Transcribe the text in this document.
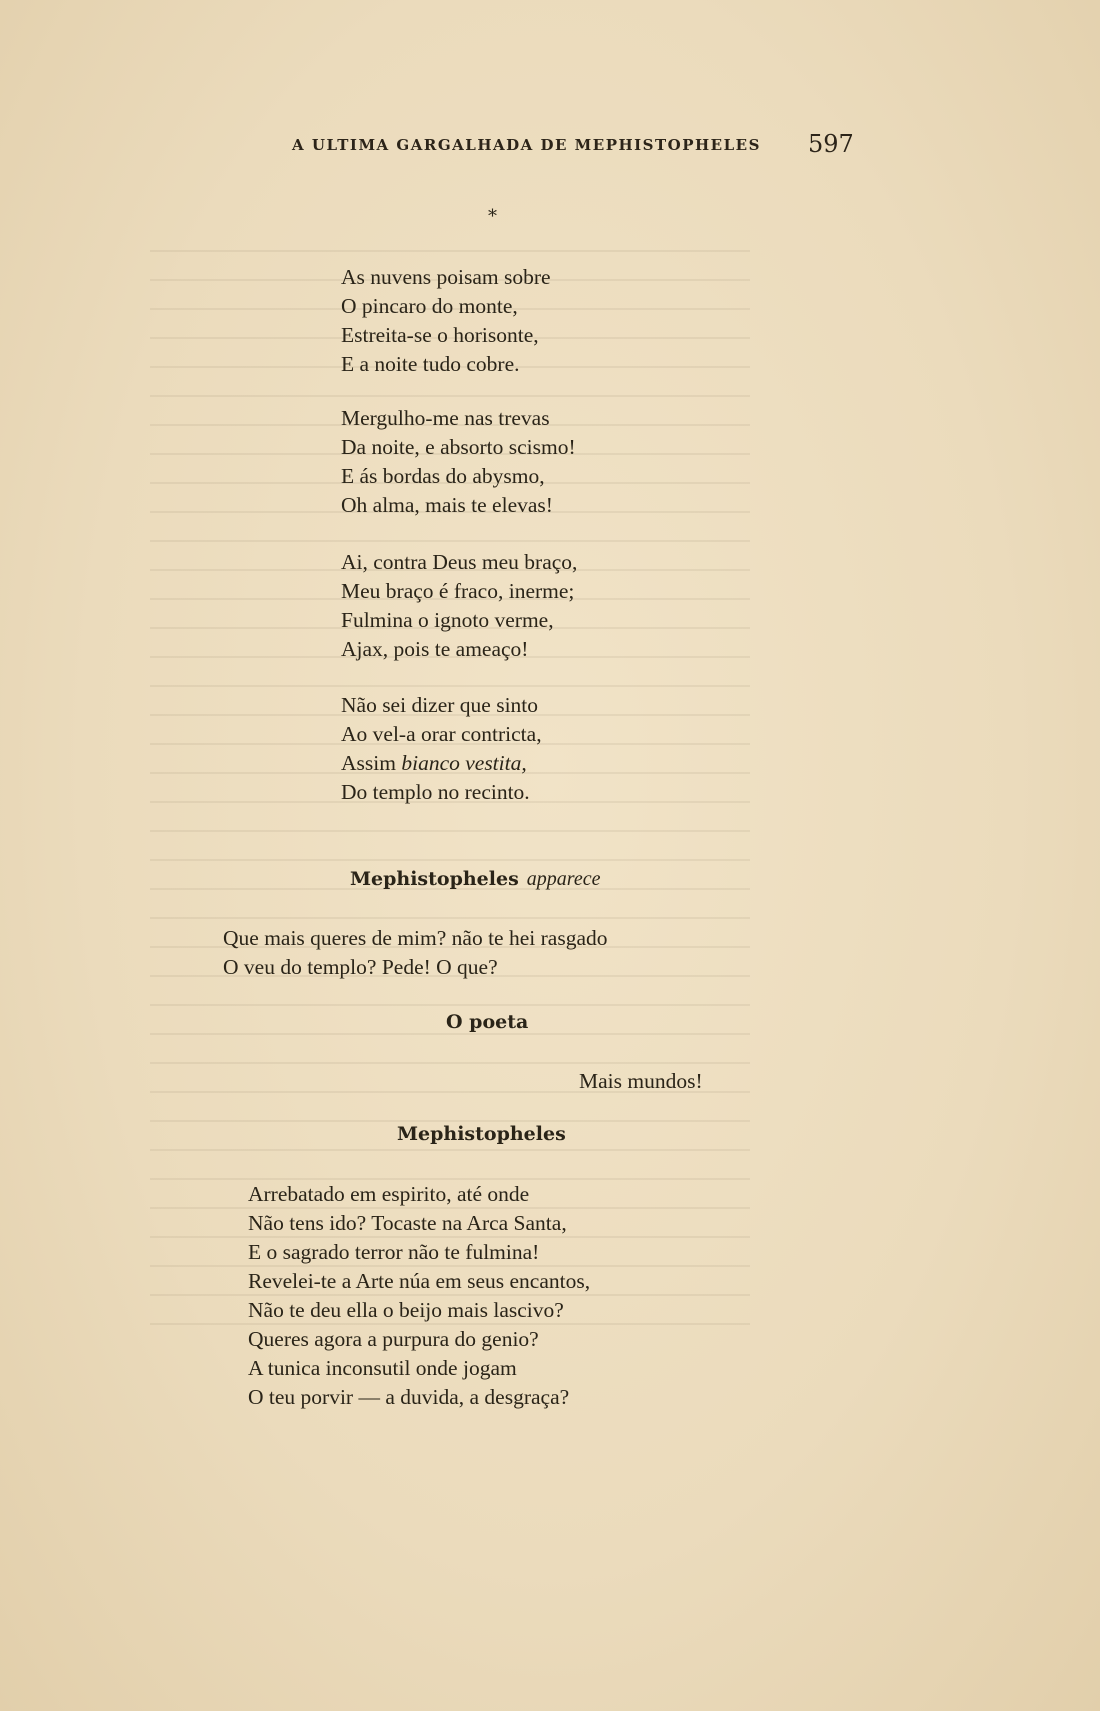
A ULTIMA GARGALHADA DE MEPHISTOPHELES 597
*
As nuvens poisam sobre
O pincaro do monte,
Estreita-se o horisonte,
E a noite tudo cobre.
Mergulho-me nas trevas
Da noite, e absorto scismo!
E ás bordas do abysmo,
Oh alma, mais te elevas!
Ai, contra Deus meu braço,
Meu braço é fraco, inerme;
Fulmina o ignoto verme,
Ajax, pois te ameaço!
Não sei dizer que sinto
Ao vel-a orar contricta,
Assim bianco vestita,
Do templo no recinto.
Mephistopheles apparece
Que mais queres de mim? não te hei rasgado
O veu do templo? Pede! O que?
O poeta
Mais mundos!
Mephistopheles
Arrebatado em espirito, até onde
Não tens ido? Tocaste na Arca Santa,
E o sagrado terror não te fulmina!
Revelei-te a Arte núa em seus encantos,
Não te deu ella o beijo mais lascivo?
Queres agora a purpura do genio?
A tunica inconsutil onde jogam
O teu porvir — a duvida, a desgraça?
